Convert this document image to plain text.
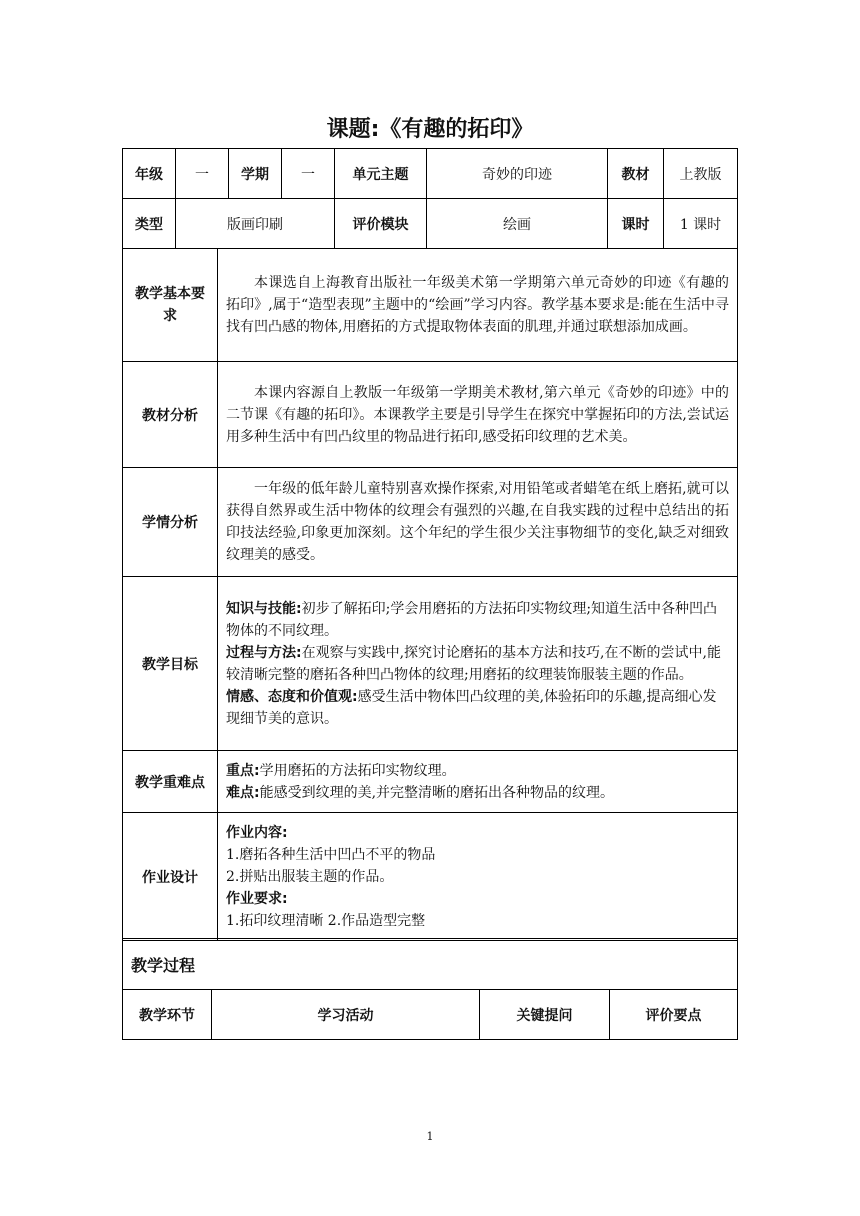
课题:《有趣的拓印》
年级	一	学期	一	单元主题	奇妙的印迹	教材	上教版
类型	版画印刷			评价模块	绘画	课时	1 课时
教学基本要求	本课选自上海教育出版社一年级美术第一学期第六单元奇妙的印迹《有趣的拓印》,属于“造型表现”主题中的“绘画”学习内容。教学基本要求是:能在生活中寻找有凹凸感的物体,用磨拓的方式提取物体表面的肌理,并通过联想添加成画。

教材分析	本课内容源自上教版一年级第一学期美术教材,第六单元《奇妙的印迹》中的二节课《有趣的拓印》。本课教学主要是引导学生在探究中掌握拓印的方法,尝试运用多种生活中有凹凸纹里的物品进行拓印,感受拓印纹理的艺术美。

学情分析	一年级的低年龄儿童特别喜欢操作探索,对用铅笔或者蜡笔在纸上磨拓,就可以获得自然界或生活中物体的纹理会有强烈的兴趣,在自我实践的过程中总结出的拓印技法经验,印象更加深刻。这个年纪的学生很少关注事物细节的变化,缺乏对细致纹理美的感受。

教学目标	知识与技能:初步了解拓印;学会用磨拓的方法拓印实物纹理;知道生活中各种凹凸物体的不同纹理。

过程与方法:在观察与实践中,探究讨论磨拓的基本方法和技巧,在不断的尝试中,能较清晰完整的磨拓各种凹凸物体的纹理;用磨拓的纹理装饰服装主题的作品。

情感、态度和价值观:感受生活中物体凹凸纹理的美,体验拓印的乐趣,提高细心发现细节美的意识。

教学重难点	重点:学用磨拓的方法拓印实物纹理。

难点:能感受到纹理的美,并完整清晰的磨拓出各种物品的纹理。

作业设计	作业内容:

1.磨拓各种生活中凹凸不平的物品

2.拼贴出服装主题的作品。

作业要求:

1.拓印纹理清晰 2.作品造型完整

教学过程
教学环节	学习活动	关键提问	评价要点
1
